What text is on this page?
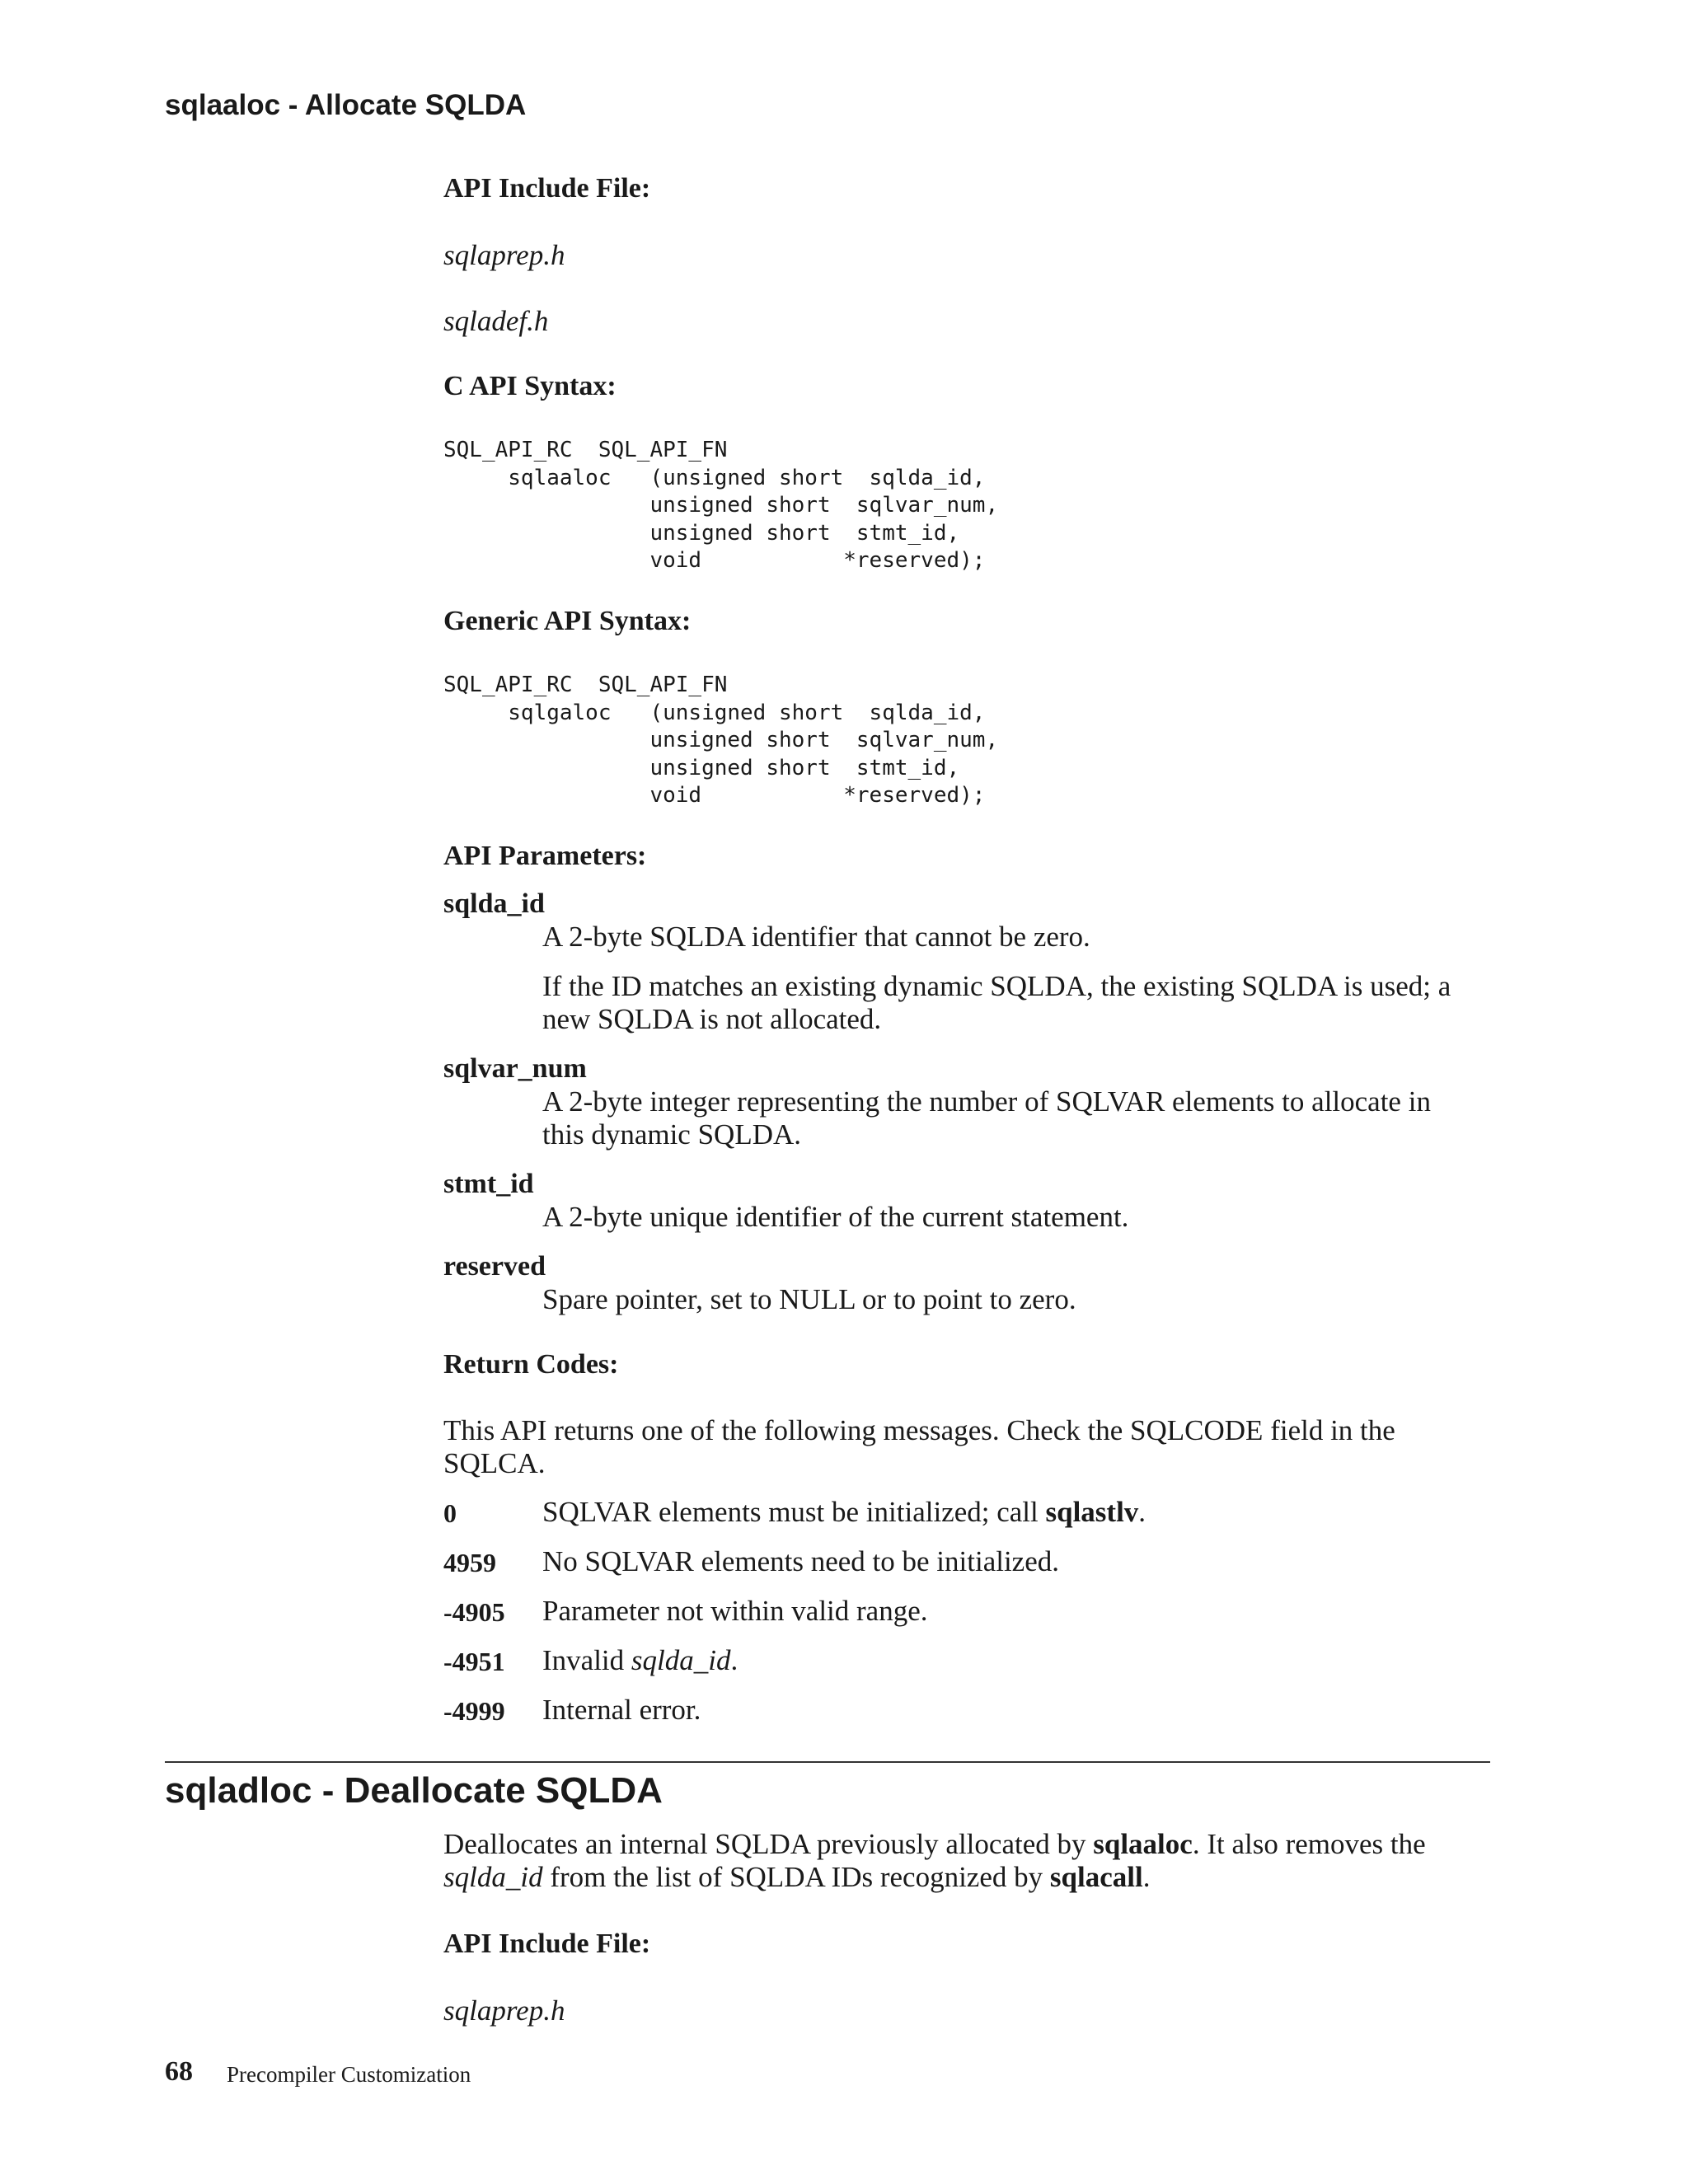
sqlaaloc - Allocate SQLDA
API Include File:
sqlaprep.h
sqladef.h
C API Syntax:
SQL_API_RC  SQL_API_FN
sqlaaloc   (unsigned short  sqlda_id,
unsigned short  sqlvar_num,
unsigned short  stmt_id,
void           *reserved);
Generic API Syntax:
SQL_API_RC  SQL_API_FN
sqlgaloc   (unsigned short  sqlda_id,
unsigned short  sqlvar_num,
unsigned short  stmt_id,
void           *reserved);
API Parameters:
sqlda_id
A 2-byte SQLDA identifier that cannot be zero.
If the ID matches an existing dynamic SQLDA, the existing SQLDA is used; a new SQLDA is not allocated.
sqlvar_num
A 2-byte integer representing the number of SQLVAR elements to allocate in this dynamic SQLDA.
stmt_id
A 2-byte unique identifier of the current statement.
reserved
Spare pointer, set to NULL or to point to zero.
Return Codes:
This API returns one of the following messages. Check the SQLCODE field in the SQLCA.
0	SQLVAR elements must be initialized; call sqlastlv.
4959 No SQLVAR elements need to be initialized.
-4905 Parameter not within valid range.
-4951 Invalid sqlda_id.
-4999 Internal error.
sqladloc - Deallocate SQLDA
Deallocates an internal SQLDA previously allocated by sqlaaloc. It also removes the sqlda_id from the list of SQLDA IDs recognized by sqlacall.
API Include File:
sqlaprep.h
68 Precompiler Customization
